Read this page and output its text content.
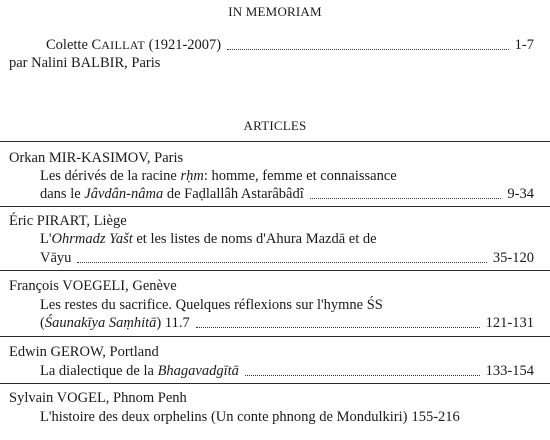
IN MEMORIAM
Colette CAILLAT (1921-2007)	1-7
par Nalini BALBIR, Paris
ARTICLES
Orkan MIR-KASIMOV, Paris
Les dérivés de la racine rḥm: homme, femme et connaissance
dans le Jâvdân-nâma de Faḍlallâh Astarâbâdî	9-34
Éric PIRART, Liège
L'Ohrmadz Yašt et les listes de noms d'Ahura Mazdā et de
Vāyu	35-120
François VOEGELI, Genève
Les restes du sacrifice. Quelques réflexions sur l'hymne ŚS
(Śaunakīya Saṃhitā) 11.7	121-131
Edwin GEROW, Portland
La dialectique de la Bhagavadgītā	133-154
Sylvain VOGEL, Phnom Penh
L'histoire des deux orphelins (Un conte phnong de Mondulkiri) 155-216
